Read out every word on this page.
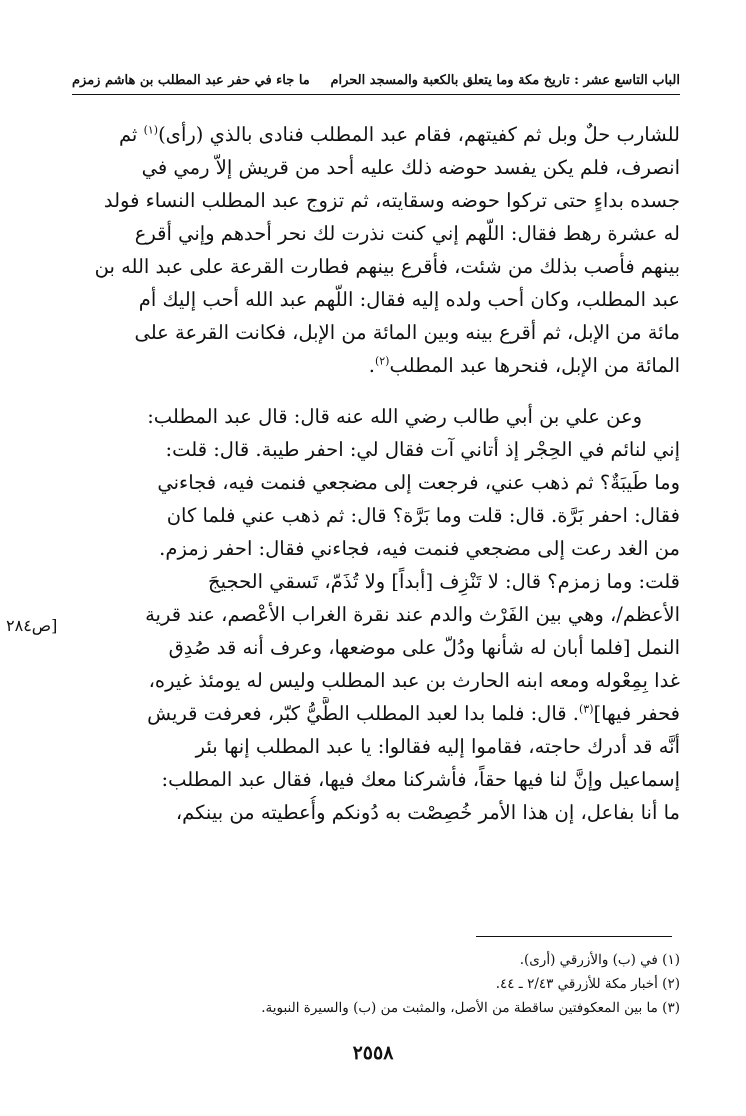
الباب التاسع عشر : تاريخ مكة وما يتعلق بالكعبة والمسجد الحرام
ما جاء في حفر عبد المطلب بن هاشم زمزم
للشارب حلٌ وبل ثم كفيتهم، فقام عبد المطلب فنادى بالذي (رأى)$^{(١)}$ ثم
انصرف، فلم يكن يفسد حوضه ذلك عليه أحد من قريش إلاّ رمي في
جسده بداءٍ حتى تركوا حوضه وسقايته، ثم تزوج عبد المطلب النساء فولد
له عشرة رهط فقال: اللّهم إني كنت نذرت لك نحر أحدهم وإني أقرع
بينهم فأصب بذلك من شئت، فأقرع بينهم فطارت القرعة على عبد الله بن
عبد المطلب، وكان أحب ولده إليه فقال: اللّهم عبد الله أحب إليك أم
مائة من الإبل، ثم أقرع بينه وبين المائة من الإبل، فكانت القرعة على
المائة من الإبل، فنحرها عبد المطلب$^{(٢)}$.
وعن علي بن أبي طالب رضي الله عنه قال: قال عبد المطلب:
إني لنائم في الحِجْر إذ أتاني آت فقال لي: احفر طيبة. قال: قلت:
وما طَيبَةٌ؟ ثم ذهب عني، فرجعت إلى مضجعي فنمت فيه، فجاءني
فقال: احفر بَرَّة. قال: قلت وما بَرَّة؟ قال: ثم ذهب عني فلما كان
من الغد رعت إلى مضجعي فنمت فيه، فجاءني فقال: احفر زمزم.
قلت: وما زمزم؟ قال: لا تَنْزِف [أبداً] ولا تُذَمّ، تَسقي الحجيجَ
الأعظم/، وهي بين الفَرْث والدم عند نقرة الغراب الأعْصم، عند قرية
النمل [فلما أبان له شأنها ودُلّ على موضعها، وعرف أنه قد صُدِق
غدا بِمِعْوله ومعه ابنه الحارث بن عبد المطلب وليس له يومئذ غيره،
فحفر فيها]$^{(٣)}$. قال: فلما بدا لعبد المطلب الطَّيُّ كبّر، فعرفت قريش
أنَّه قد أدرك حاجته، فقاموا إليه فقالوا: يا عبد المطلب إنها بئر
إسماعيل وإنَّ لنا فيها حقاً، فأشركنا معك فيها، فقال عبد المطلب:
ما أنا بفاعل، إن هذا الأمر خُصِصْت به دُونكم وأُعطيته من بينكم،
[ص٢٨٤
(١) في (ب) والأزرقي (أرى).
(٢) أخبار مكة للأزرقي ٢/٤٣ ـ ٤٤.
(٣) ما بين المعكوفتين ساقطة من الأصل، والمثبت من (ب) والسيرة النبوية.
٢٥٥٨
